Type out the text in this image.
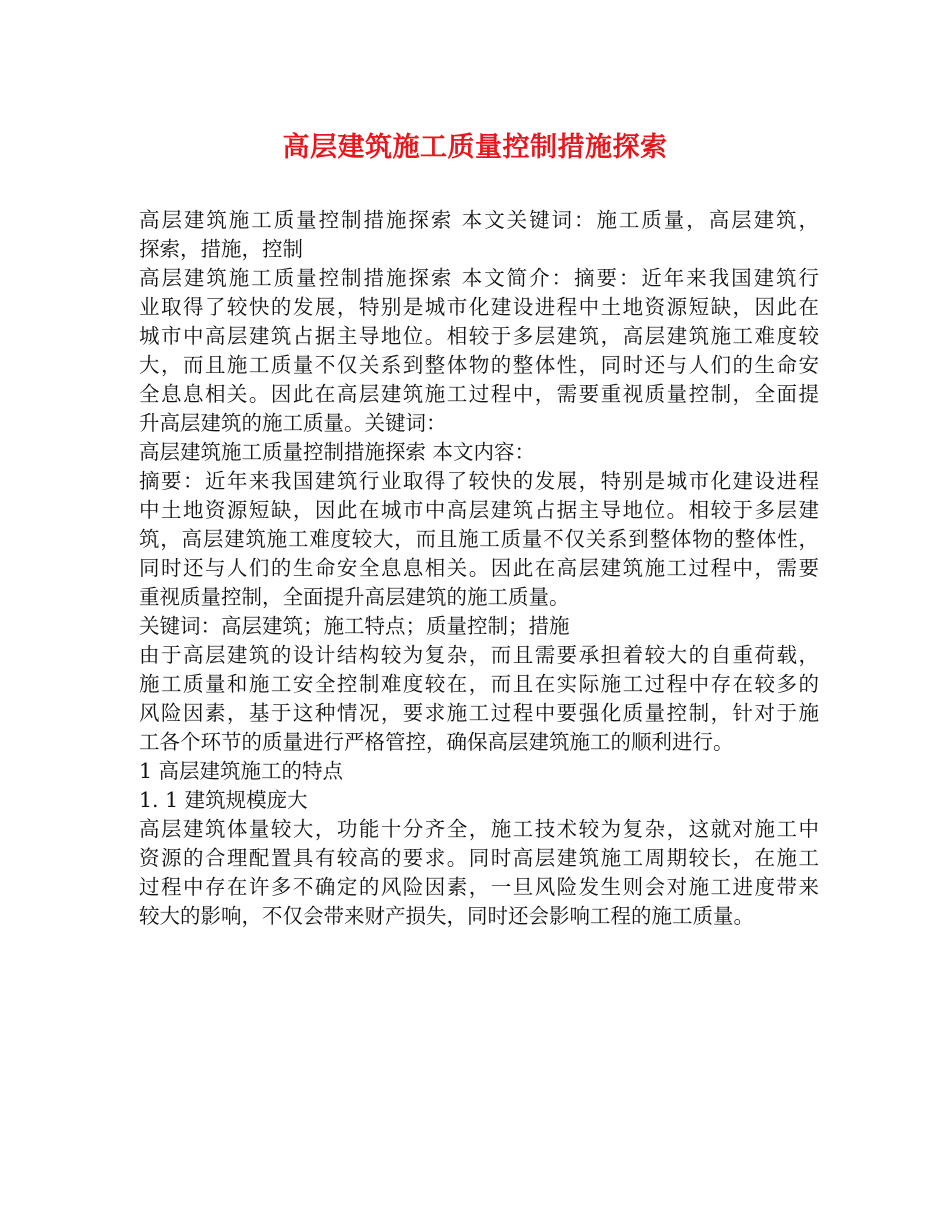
高层建筑施工质量控制措施探索
高层建筑施工质量控制措施探索 本文关键词：施工质量，高层建筑，
探索，措施，控制
高层建筑施工质量控制措施探索 本文简介：摘要：近年来我国建筑行
业取得了较快的发展，特别是城市化建设进程中土地资源短缺，因此在
城市中高层建筑占据主导地位。相较于多层建筑，高层建筑施工难度较
大，而且施工质量不仅关系到整体物的整体性，同时还与人们的生命安
全息息相关。因此在高层建筑施工过程中，需要重视质量控制，全面提
升高层建筑的施工质量。关键词：
高层建筑施工质量控制措施探索 本文内容：
摘要：近年来我国建筑行业取得了较快的发展，特别是城市化建设进程
中土地资源短缺，因此在城市中高层建筑占据主导地位。相较于多层建
筑，高层建筑施工难度较大，而且施工质量不仅关系到整体物的整体性，
同时还与人们的生命安全息息相关。因此在高层建筑施工过程中，需要
重视质量控制，全面提升高层建筑的施工质量。
关键词：高层建筑；施工特点；质量控制；措施
由于高层建筑的设计结构较为复杂，而且需要承担着较大的自重荷载，
施工质量和施工安全控制难度较在，而且在实际施工过程中存在较多的
风险因素，基于这种情况，要求施工过程中要强化质量控制，针对于施
工各个环节的质量进行严格管控，确保高层建筑施工的顺利进行。
1 高层建筑施工的特点
1. 1 建筑规模庞大
高层建筑体量较大，功能十分齐全，施工技术较为复杂，这就对施工中
资源的合理配置具有较高的要求。同时高层建筑施工周期较长，在施工
过程中存在许多不确定的风险因素，一旦风险发生则会对施工进度带来
较大的影响，不仅会带来财产损失，同时还会影响工程的施工质量。
